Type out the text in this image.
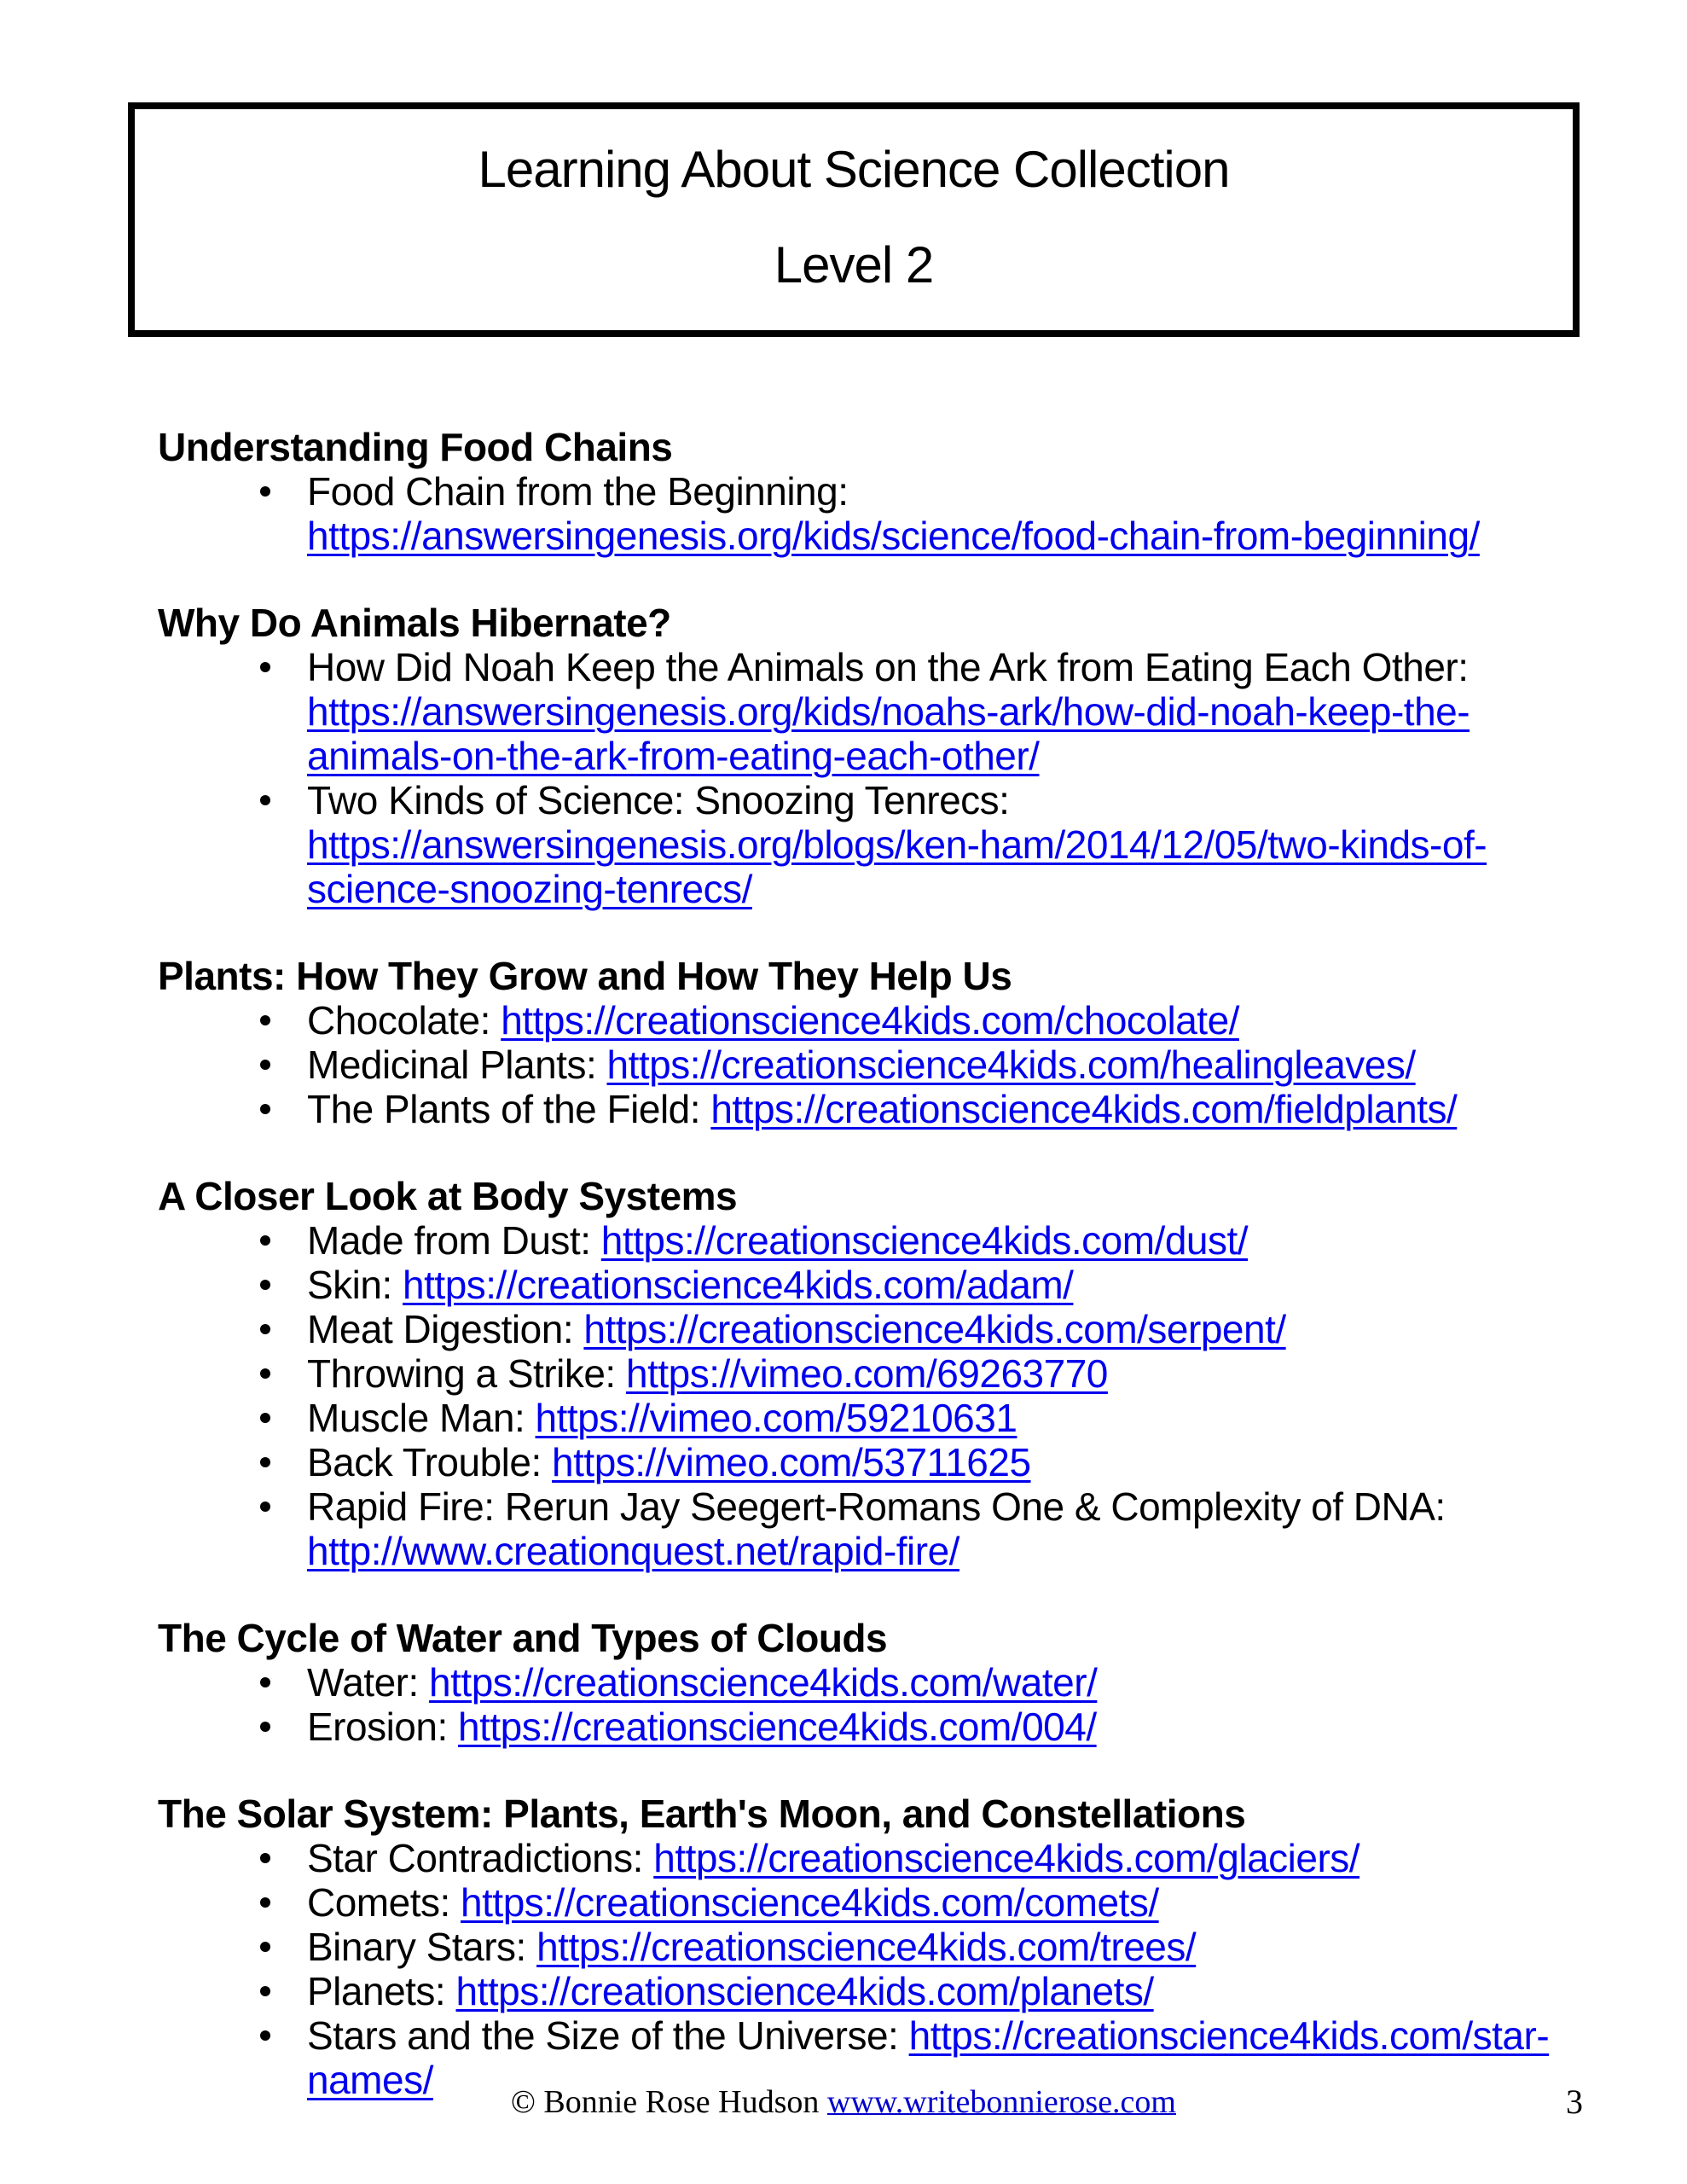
Learning About Science Collection
Level 2
Understanding Food Chains
Food Chain from the Beginning: https://answersingenesis.org/kids/science/food-chain-from-beginning/
Why Do Animals Hibernate?
How Did Noah Keep the Animals on the Ark from Eating Each Other: https://answersingenesis.org/kids/noahs-ark/how-did-noah-keep-the-animals-on-the-ark-from-eating-each-other/
Two Kinds of Science: Snoozing Tenrecs: https://answersingenesis.org/blogs/ken-ham/2014/12/05/two-kinds-of-science-snoozing-tenrecs/
Plants: How They Grow and How They Help Us
Chocolate: https://creationscience4kids.com/chocolate/
Medicinal Plants: https://creationscience4kids.com/healingleaves/
The Plants of the Field: https://creationscience4kids.com/fieldplants/
A Closer Look at Body Systems
Made from Dust: https://creationscience4kids.com/dust/
Skin: https://creationscience4kids.com/adam/
Meat Digestion: https://creationscience4kids.com/serpent/
Throwing a Strike: https://vimeo.com/69263770
Muscle Man: https://vimeo.com/59210631
Back Trouble: https://vimeo.com/53711625
Rapid Fire: Rerun Jay Seegert-Romans One & Complexity of DNA: http://www.creationquest.net/rapid-fire/
The Cycle of Water and Types of Clouds
Water: https://creationscience4kids.com/water/
Erosion: https://creationscience4kids.com/004/
The Solar System: Plants, Earth's Moon, and Constellations
Star Contradictions: https://creationscience4kids.com/glaciers/
Comets: https://creationscience4kids.com/comets/
Binary Stars: https://creationscience4kids.com/trees/
Planets: https://creationscience4kids.com/planets/
Stars and the Size of the Universe: https://creationscience4kids.com/star-names/	© Bonnie Rose Hudson www.writebonnierose.com	3
